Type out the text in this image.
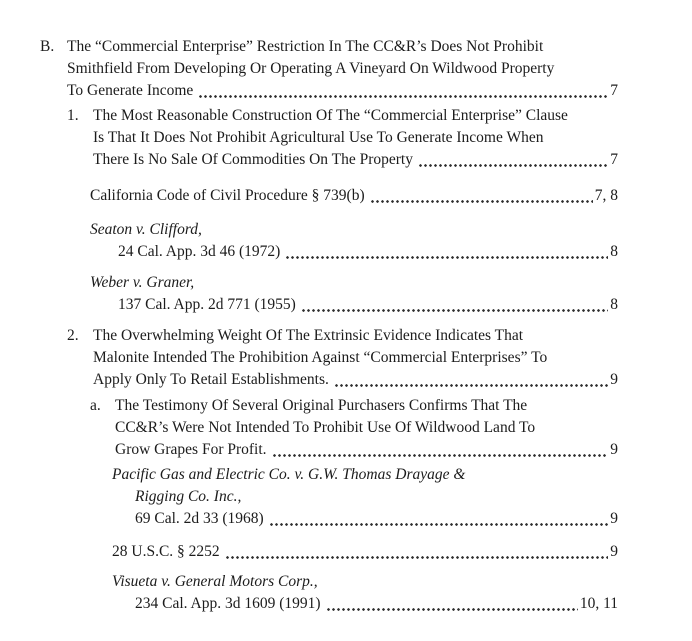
B. The “Commercial Enterprise” Restriction In The CC&R’s Does Not Prohibit
Smithfield From Developing Or Operating A Vineyard On Wildwood Property
To Generate Income	7
1. The Most Reasonable Construction Of The “Commercial Enterprise” Clause
Is That It Does Not Prohibit Agricultural Use To Generate Income When
There Is No Sale Of Commodities On The Property	7
California Code of Civil Procedure § 739(b)	7, 8
Seaton v. Clifford,
24 Cal. App. 3d 46 (1972)	8
Weber v. Graner,
137 Cal. App. 2d 771 (1955)	8
2. The Overwhelming Weight Of The Extrinsic Evidence Indicates That
Malonite Intended The Prohibition Against “Commercial Enterprises” To
Apply Only To Retail Establishments.	9
a. The Testimony Of Several Original Purchasers Confirms That The
CC&R’s Were Not Intended To Prohibit Use Of Wildwood Land To
Grow Grapes For Profit.	9
Pacific Gas and Electric Co. v. G.W. Thomas Drayage &
Rigging Co. Inc.,
69 Cal. 2d 33 (1968)	9
28 U.S.C. § 2252	9
Visueta v. General Motors Corp.,
234 Cal. App. 3d 1609 (1991)	10, 11
